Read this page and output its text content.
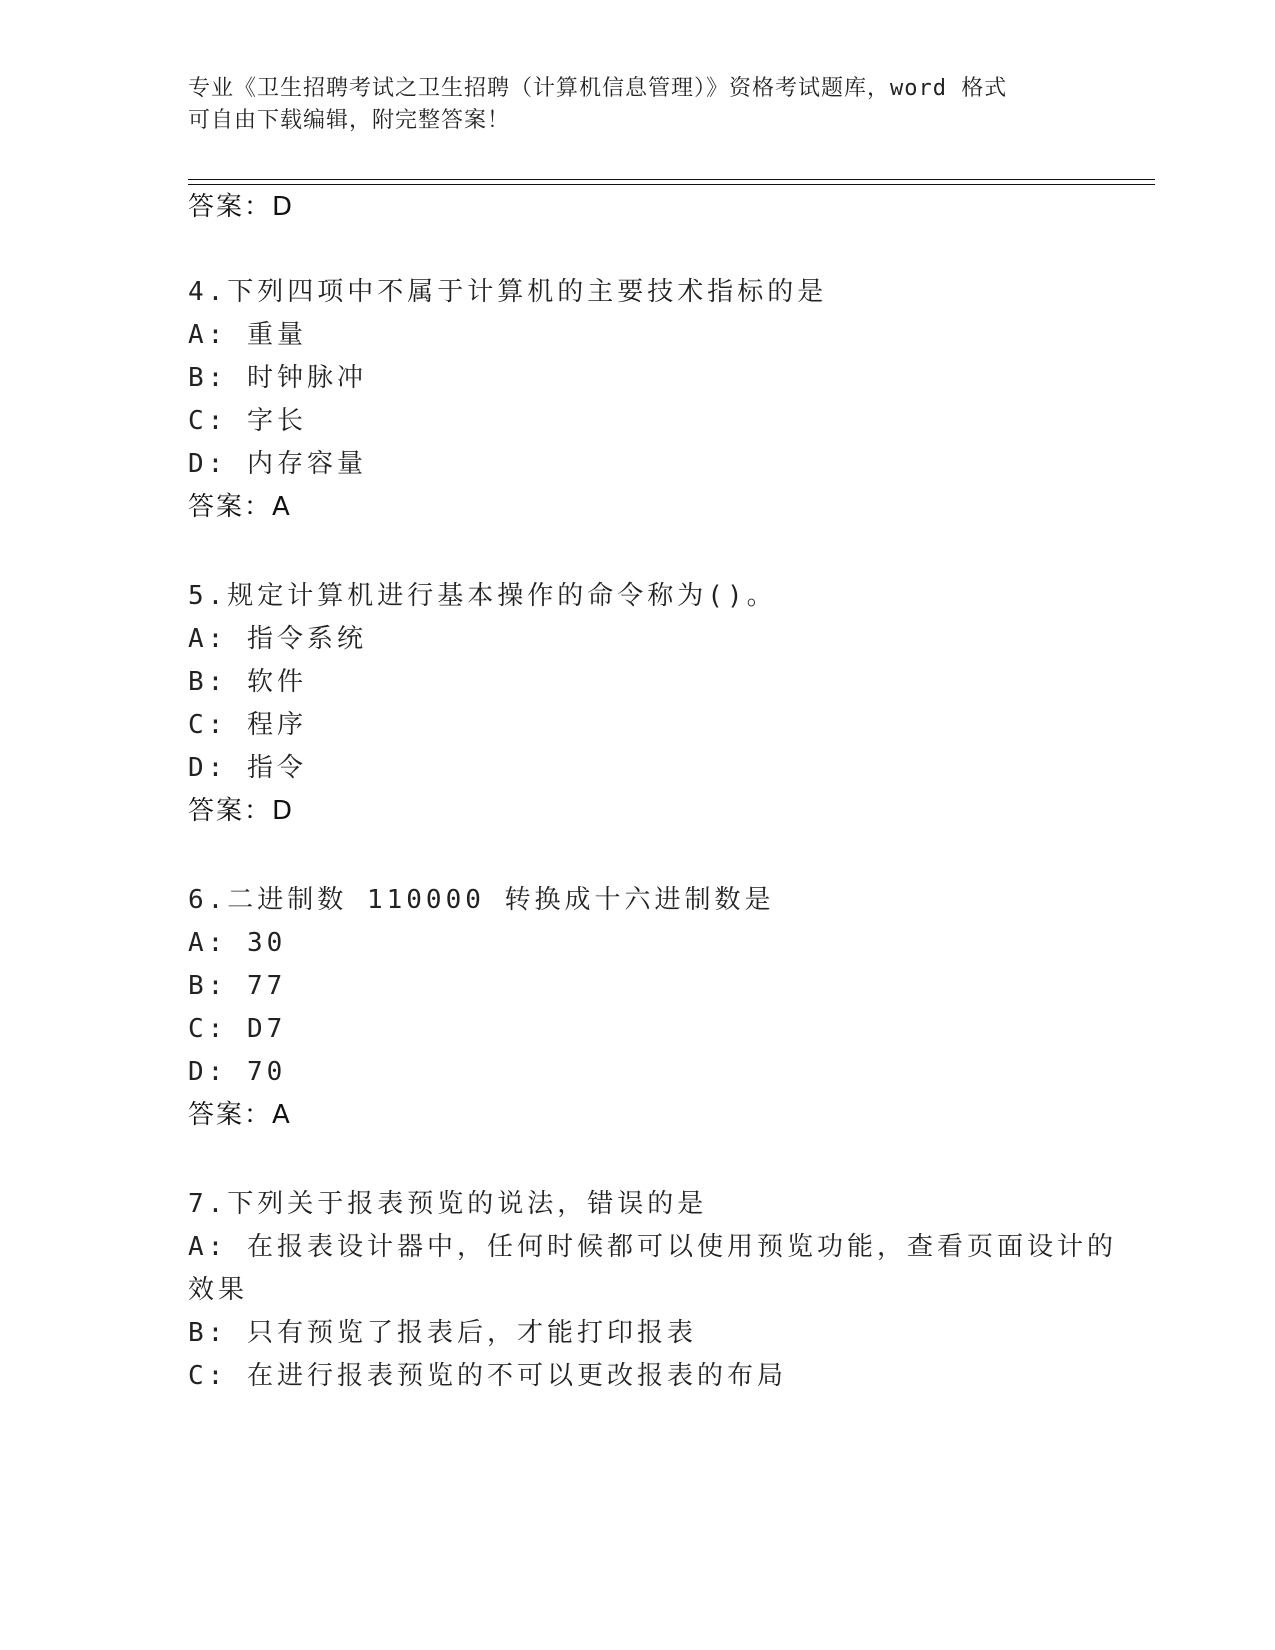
专业《卫生招聘考试之卫生招聘（计算机信息管理）》资格考试题库，word 格式
可自由下载编辑，附完整答案！
答案：D
4.下列四项中不属于计算机的主要技术指标的是
A: 重量
B: 时钟脉冲
C: 字长
D: 内存容量
答案：A
5.规定计算机进行基本操作的命令称为()。
A: 指令系统
B: 软件
C: 程序
D: 指令
答案：D
6.二进制数 110000 转换成十六进制数是
A: 30
B: 77
C: D7
D: 70
答案：A
7.下列关于报表预览的说法，错误的是
A: 在报表设计器中，任何时候都可以使用预览功能，查看页面设计的
效果
B: 只有预览了报表后，才能打印报表
C: 在进行报表预览的不可以更改报表的布局
